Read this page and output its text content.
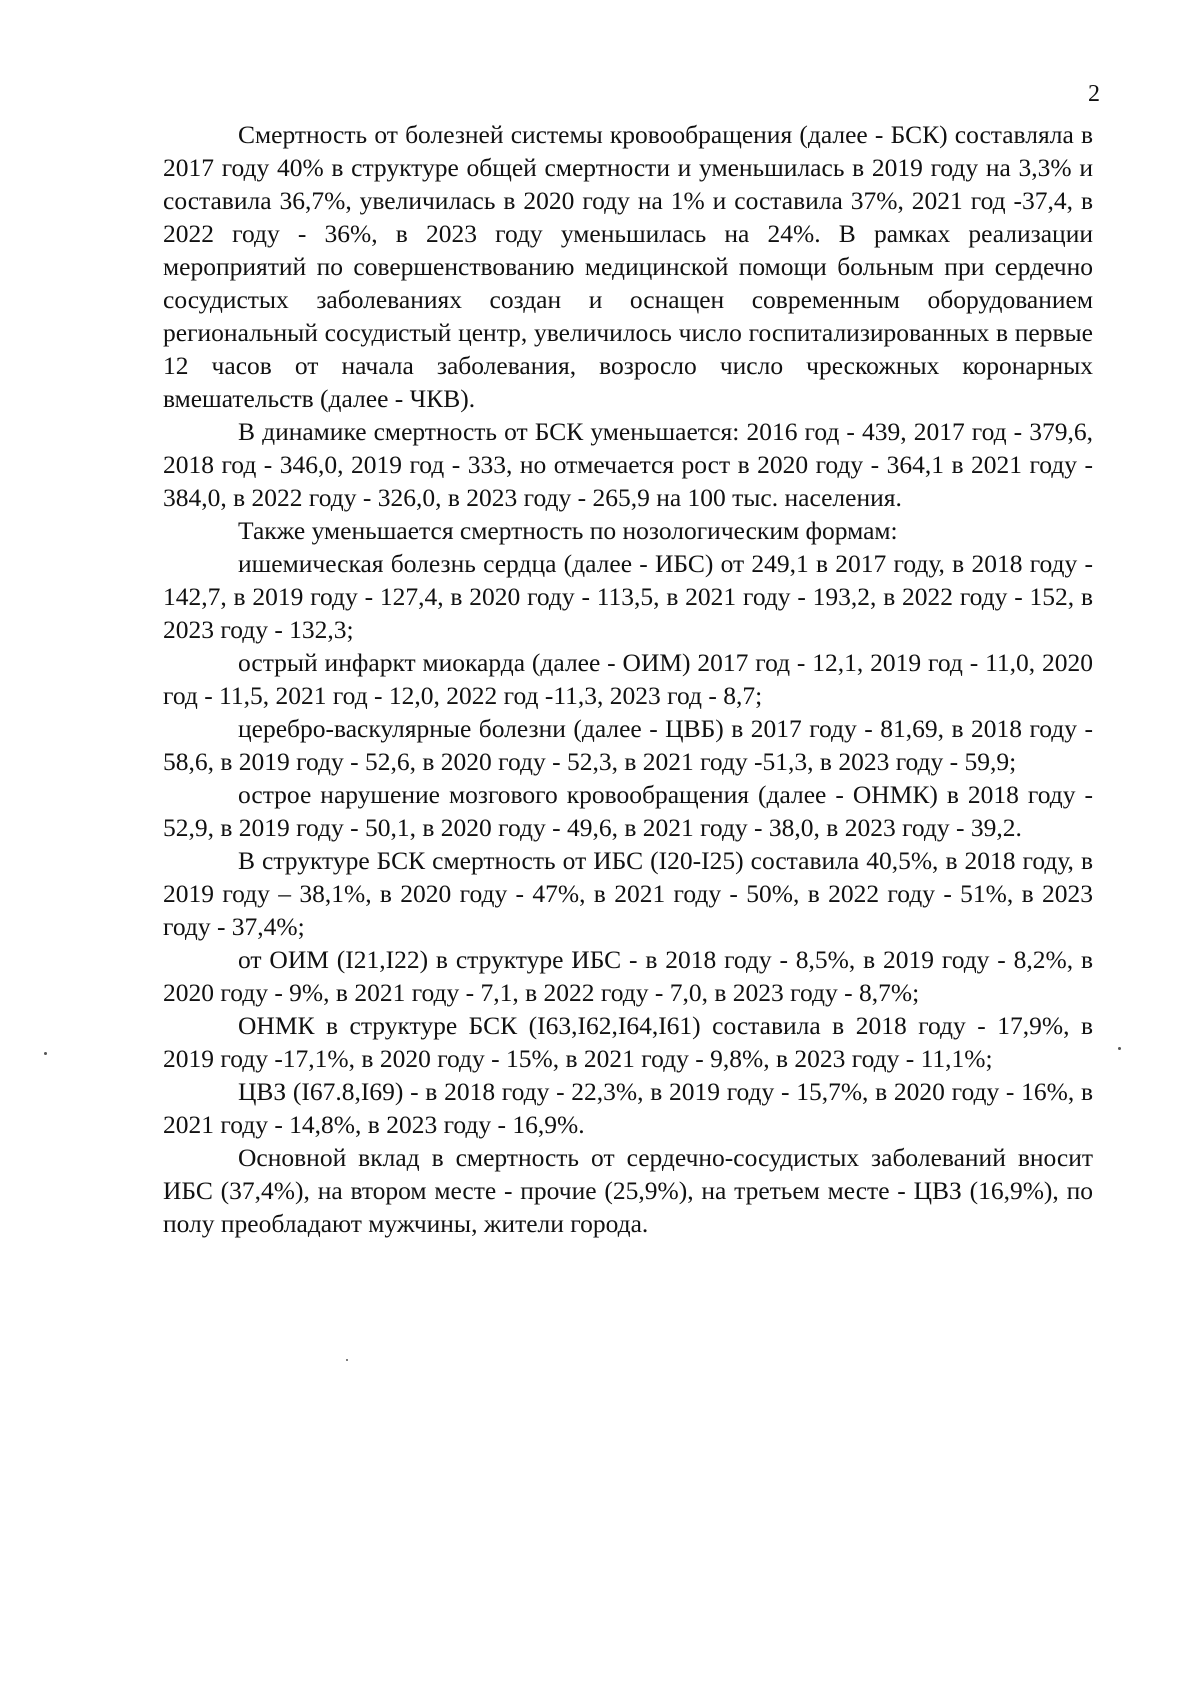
2

Смертность от болезней системы кровообращения (далее - БСК) составляла в 2017 году 40% в структуре общей смертности и уменьшилась в 2019 году на 3,3% и составила 36,7%, увеличилась в 2020 году на 1% и составила 37%, 2021 год -37,4, в 2022 году - 36%, в 2023 году уменьшилась на 24%. В рамках реализации мероприятий по совершенствованию медицинской помощи больным при сердечно сосудистых заболеваниях создан и оснащен современным оборудованием региональный сосудистый центр, увеличилось число госпитализированных в первые 12 часов от начала заболевания, возросло число чрескожных коронарных вмешательств (далее - ЧКВ).

В динамике смертность от БСК уменьшается: 2016 год - 439, 2017 год - 379,6, 2018 год - 346,0, 2019 год - 333, но отмечается рост в 2020 году - 364,1 в 2021 году - 384,0, в 2022 году - 326,0, в 2023 году - 265,9 на 100 тыс. населения.

Также уменьшается смертность по нозологическим формам:

ишемическая болезнь сердца (далее - ИБС) от 249,1 в 2017 году, в 2018 году - 142,7, в 2019 году - 127,4, в 2020 году - 113,5, в 2021 году - 193,2, в 2022 году - 152, в 2023 году - 132,3;

острый инфаркт миокарда (далее - ОИМ) 2017 год - 12,1, 2019 год - 11,0, 2020 год - 11,5, 2021 год - 12,0, 2022 год -11,3, 2023 год - 8,7;

церебро-васкулярные болезни (далее - ЦВБ) в 2017 году - 81,69, в 2018 году - 58,6, в 2019 году - 52,6, в 2020 году - 52,3, в 2021 году -51,3, в 2023 году - 59,9;

острое нарушение мозгового кровообращения (далее - ОНМК) в 2018 году - 52,9, в 2019 году - 50,1, в 2020 году - 49,6, в 2021 году - 38,0, в 2023 году - 39,2.

В структуре БСК смертность от ИБС (I20-I25) составила 40,5%, в 2018 году, в 2019 году – 38,1%, в 2020 году - 47%, в 2021 году - 50%, в 2022 году - 51%, в 2023 году - 37,4%;

от ОИМ (I21,I22) в структуре ИБС - в 2018 году - 8,5%, в 2019 году - 8,2%, в 2020 году - 9%, в 2021 году - 7,1, в 2022 году - 7,0, в 2023 году - 8,7%;

ОНМК в структуре БСК (I63,I62,I64,I61) составила в 2018 году - 17,9%, в 2019 году -17,1%, в 2020 году - 15%, в 2021 году - 9,8%, в 2023 году - 11,1%;

ЦВЗ (I67.8,I69) - в 2018 году - 22,3%, в 2019 году - 15,7%, в 2020 году - 16%, в 2021 году - 14,8%, в 2023 году - 16,9%.

Основной вклад в смертность от сердечно-сосудистых заболеваний вносит ИБС (37,4%), на втором месте - прочие (25,9%), на третьем месте - ЦВЗ (16,9%), по полу преобладают мужчины, жители города.
